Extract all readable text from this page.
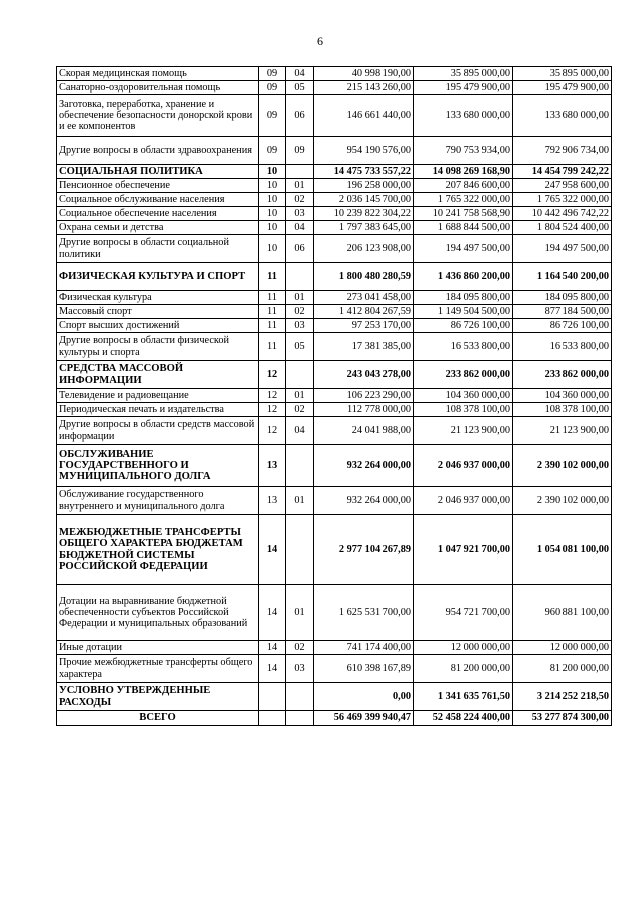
6
Скорая медицинская помощь	09	04	40 998 190,00	35 895 000,00	35 895 000,00
Санаторно-оздоровительная помощь	09	05	215 143 260,00	195 479 900,00	195 479 900,00
Заготовка, переработка, хранение и обеспечение безопасности донорской крови и ее компонентов	09	06	146 661 440,00	133 680 000,00	133 680 000,00
Другие вопросы в области здравоохранения	09	09	954 190 576,00	790 753 934,00	792 906 734,00
СОЦИАЛЬНАЯ ПОЛИТИКА	10		14 475 733 557,22	14 098 269 168,90	14 454 799 242,22
Пенсионное обеспечение	10	01	196 258 000,00	207 846 600,00	247 958 600,00
Социальное обслуживание населения	10	02	2 036 145 700,00	1 765 322 000,00	1 765 322 000,00
Социальное обеспечение населения	10	03	10 239 822 304,22	10 241 758 568,90	10 442 496 742,22
Охрана семьи и детства	10	04	1 797 383 645,00	1 688 844 500,00	1 804 524 400,00
Другие вопросы в области социальной политики	10	06	206 123 908,00	194 497 500,00	194 497 500,00
ФИЗИЧЕСКАЯ КУЛЬТУРА И СПОРТ	11		1 800 480 280,59	1 436 860 200,00	1 164 540 200,00
Физическая культура	11	01	273 041 458,00	184 095 800,00	184 095 800,00
Массовый спорт	11	02	1 412 804 267,59	1 149 504 500,00	877 184 500,00
Спорт высших достижений	11	03	97 253 170,00	86 726 100,00	86 726 100,00
Другие вопросы в области физической культуры и спорта	11	05	17 381 385,00	16 533 800,00	16 533 800,00
СРЕДСТВА МАССОВОЙ ИНФОРМАЦИИ	12		243 043 278,00	233 862 000,00	233 862 000,00
Телевидение и радиовещание	12	01	106 223 290,00	104 360 000,00	104 360 000,00
Периодическая печать и издательства	12	02	112 778 000,00	108 378 100,00	108 378 100,00
Другие вопросы в области средств массовой информации	12	04	24 041 988,00	21 123 900,00	21 123 900,00
ОБСЛУЖИВАНИЕ ГОСУДАРСТВЕННОГО И МУНИЦИПАЛЬНОГО ДОЛГА	13		932 264 000,00	2 046 937 000,00	2 390 102 000,00
Обслуживание государственного внутреннего и муниципального долга	13	01	932 264 000,00	2 046 937 000,00	2 390 102 000,00
МЕЖБЮДЖЕТНЫЕ ТРАНСФЕРТЫ ОБЩЕГО ХАРАКТЕРА БЮДЖЕТАМ БЮДЖЕТНОЙ СИСТЕМЫ РОССИЙСКОЙ ФЕДЕРАЦИИ	14		2 977 104 267,89	1 047 921 700,00	1 054 081 100,00
Дотации на выравнивание бюджетной обеспеченности субъектов Российской Федерации и муниципальных образований	14	01	1 625 531 700,00	954 721 700,00	960 881 100,00
Иные дотации	14	02	741 174 400,00	12 000 000,00	12 000 000,00
Прочие межбюджетные трансферты общего характера	14	03	610 398 167,89	81 200 000,00	81 200 000,00
УСЛОВНО УТВЕРЖДЕННЫЕ РАСХОДЫ			0,00	1 341 635 761,50	3 214 252 218,50
ВСЕГО			56 469 399 940,47	52 458 224 400,00	53 277 874 300,00
